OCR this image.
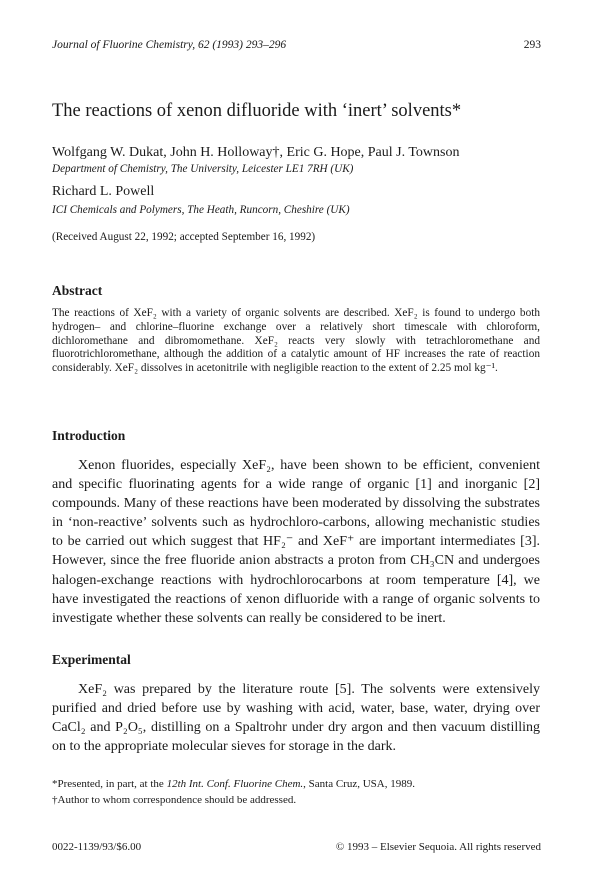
Journal of Fluorine Chemistry, 62 (1993) 293–296	293
The reactions of xenon difluoride with ‘inert’ solvents*
Wolfgang W. Dukat, John H. Holloway†, Eric G. Hope, Paul J. Townson
Department of Chemistry, The University, Leicester LE1 7RH (UK)
Richard L. Powell
ICI Chemicals and Polymers, The Heath, Runcorn, Cheshire (UK)
(Received August 22, 1992; accepted September 16, 1992)
Abstract
The reactions of XeF₂ with a variety of organic solvents are described. XeF₂ is found to undergo both hydrogen– and chlorine–fluorine exchange over a relatively short timescale with chloroform, dichloromethane and dibromomethane. XeF₂ reacts very slowly with tetrachloromethane and fluorotrichloromethane, although the addition of a catalytic amount of HF increases the rate of reaction considerably. XeF₂ dissolves in acetonitrile with negligible reaction to the extent of 2.25 mol kg⁻¹.
Introduction
Xenon fluorides, especially XeF₂, have been shown to be efficient, convenient and specific fluorinating agents for a wide range of organic [1] and inorganic [2] compounds. Many of these reactions have been moderated by dissolving the substrates in ‘non-reactive’ solvents such as hydrochloro-carbons, allowing mechanistic studies to be carried out which suggest that HF₂⁻ and XeF⁺ are important intermediates [3]. However, since the free fluoride anion abstracts a proton from CH₃CN and undergoes halogen-exchange reactions with hydrochlorocarbons at room temperature [4], we have investigated the reactions of xenon difluoride with a range of organic solvents to investigate whether these solvents can really be considered to be inert.
Experimental
XeF₂ was prepared by the literature route [5]. The solvents were extensively purified and dried before use by washing with acid, water, base, water, drying over CaCl₂ and P₂O₅, distilling on a Spaltrohr under dry argon and then vacuum distilling on to the appropriate molecular sieves for storage in the dark.
*Presented, in part, at the 12th Int. Conf. Fluorine Chem., Santa Cruz, USA, 1989.
†Author to whom correspondence should be addressed.
0022-1139/93/$6.00	© 1993 – Elsevier Sequoia. All rights reserved
